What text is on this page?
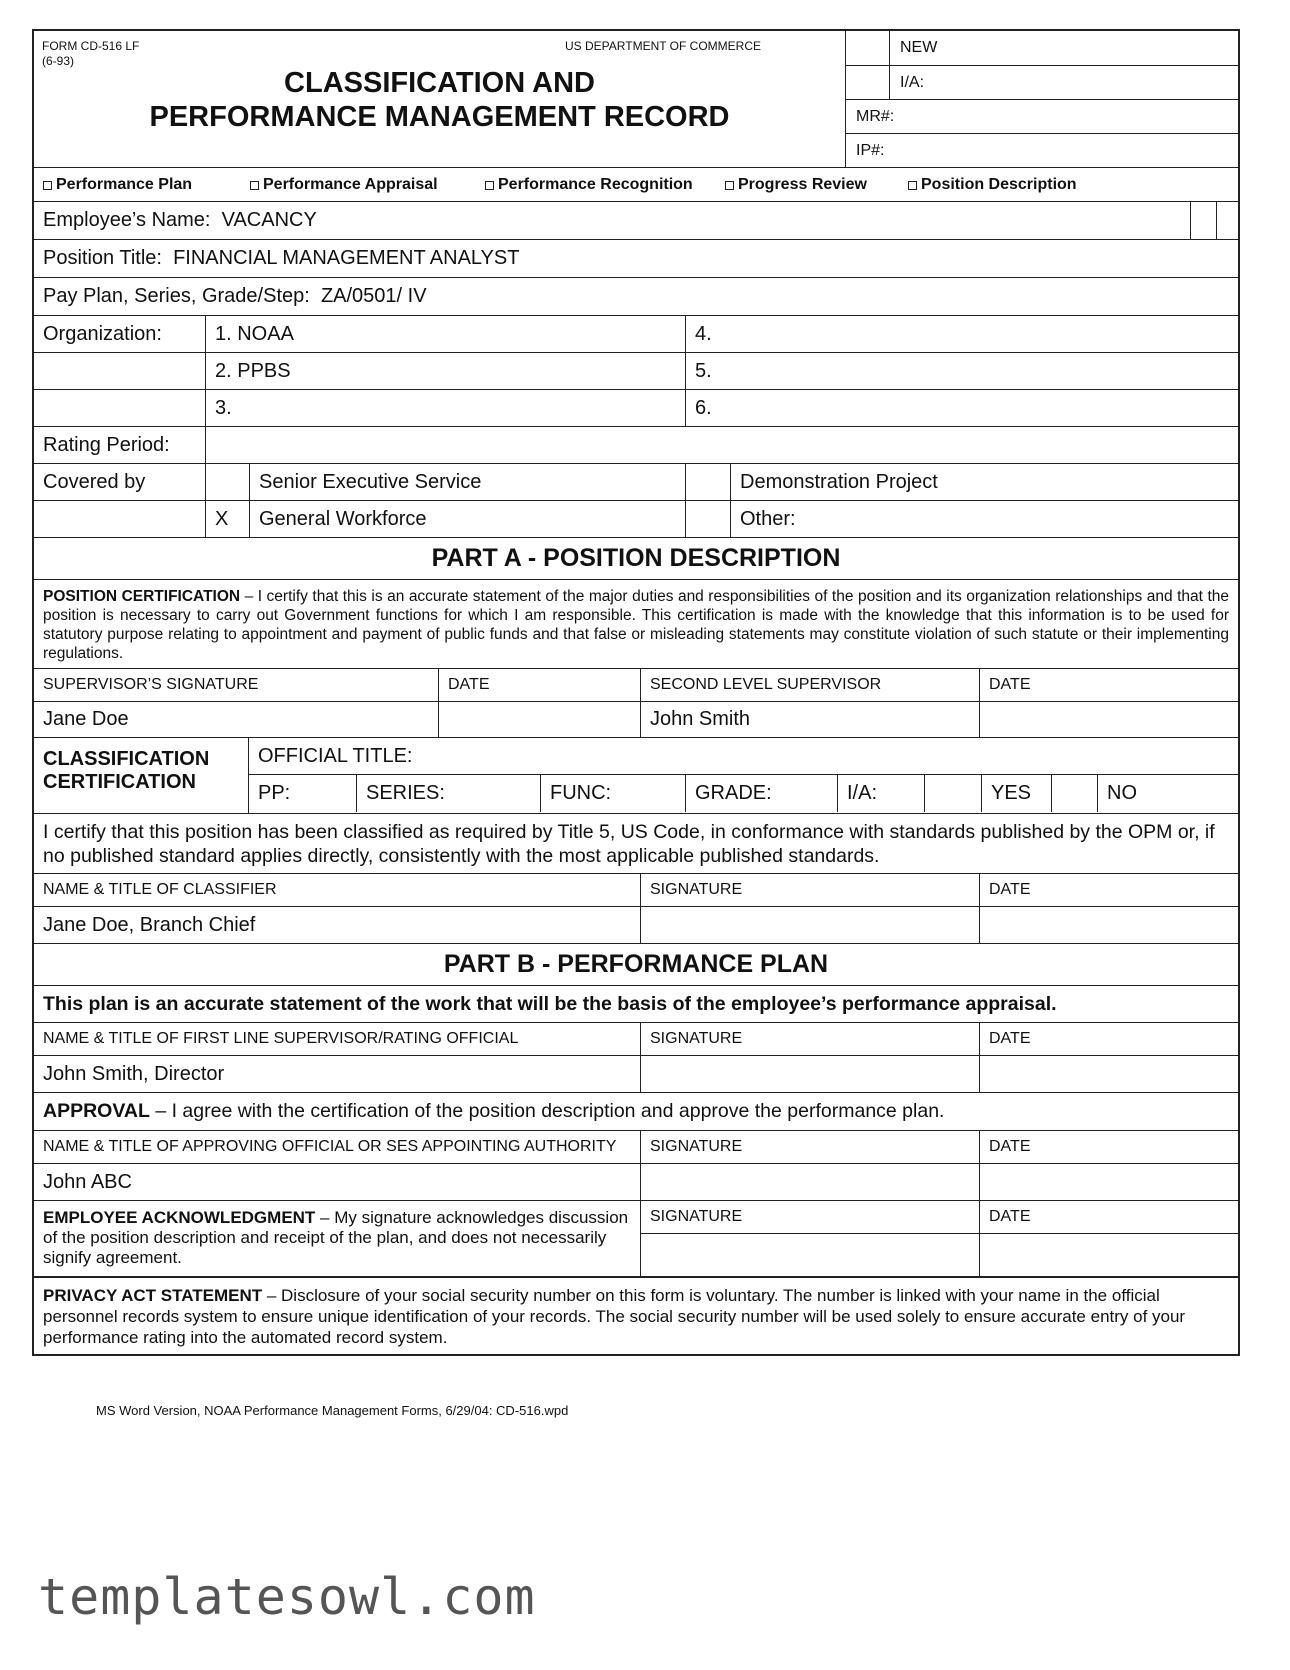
FORM CD-516 LF
(6-93)
US DEPARTMENT OF COMMERCE
CLASSIFICATION AND
PERFORMANCE MANAGEMENT RECORD
NEW
I/A:
MR#:
IP#:
Performance Plan	Performance Appraisal	Performance Recognition	Progress Review	Position Description
Employee’s Name:
VACANCY
Position Title:
FINANCIAL MANAGEMENT ANALYST
Pay Plan, Series, Grade/Step:
ZA/0501/ IV
Organization:	1. NOAA	4.
2. PPBS	5.
3.	6.
Rating Period:
Covered by	Senior Executive Service	Demonstration Project
X	General Workforce	Other:
PART A - POSITION DESCRIPTION
POSITION CERTIFICATION – I certify that this is an accurate statement of the major duties and responsibilities of the position and its organization relationships and that the position is necessary to carry out Government functions for which I am responsible. This certification is made with the knowledge that this information is to be used for statutory purpose relating to appointment and payment of public funds and that false or misleading statements may constitute violation of such statute or their implementing regulations.
SUPERVISOR’S SIGNATURE	DATE	SECOND LEVEL SUPERVISOR	DATE
Jane Doe	John Smith
CLASSIFICATION
CERTIFICATION
OFFICIAL TITLE:
PP:	SERIES:	FUNC:	GRADE:	I/A:	YES	NO
I certify that this position has been classified as required by Title 5, US Code, in conformance with standards published by the OPM or, if no published standard applies directly, consistently with the most applicable published standards.
NAME & TITLE OF CLASSIFIER	SIGNATURE	DATE
Jane Doe, Branch Chief
PART B - PERFORMANCE PLAN
This plan is an accurate statement of the work that will be the basis of the employee’s performance appraisal.
NAME & TITLE OF FIRST LINE SUPERVISOR/RATING OFFICIAL	SIGNATURE	DATE
John Smith, Director
APPROVAL – I agree with the certification of the position description and approve the performance plan.
NAME & TITLE OF APPROVING OFFICIAL OR SES APPOINTING AUTHORITY	SIGNATURE	DATE
John ABC
EMPLOYEE ACKNOWLEDGMENT – My signature acknowledges discussion of the position description and receipt of the plan, and does not necessarily signify agreement.
SIGNATURE	DATE
PRIVACY ACT STATEMENT – Disclosure of your social security number on this form is voluntary. The number is linked with your name in the official personnel records system to ensure unique identification of your records. The social security number will be used solely to ensure accurate entry of your performance rating into the automated record system.
MS Word Version, NOAA Performance Management Forms, 6/29/04: CD-516.wpd
templatesowl.com
